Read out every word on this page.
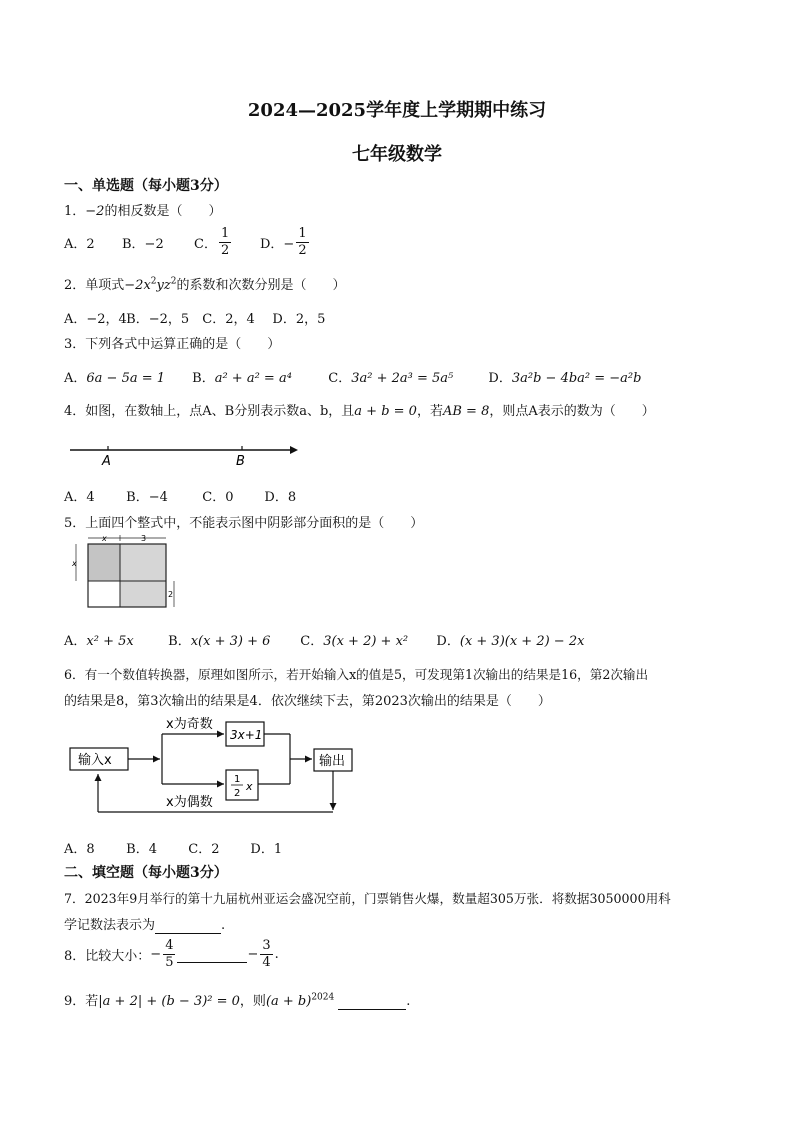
2024—2025学年度上学期期中练习
七年级数学
一、单选题（每小题3分）
1．−2的相反数是（　　）
A．2	B．−2	C． $\frac{1}{2}$ D．− $\frac{1}{2}$
2．单项式$-2x^2yz^2$的系数和次数分别是（　　）
A．−2，4 B．−2，5 C．2，4 D．2，5
3．下列各式中运算正确的是（　　）
A．6a − 5a = 1 B．a² + a² = a⁴	C．3a² + 2a³ = 5a⁵	D．3a²b − 4ba² = −a²b
4．如图，在数轴上，点A、B分别表示数a、b，且a + b = 0，若AB = 8，则点A表示的数为（　　）
A	B
A．4 B．−4	C．0 D．8
5．上面四个整式中，不能表示图中阴影部分面积的是（　　）
x	3
x
2
A．x² + 5x	B．x(x + 3) + 6 C．3(x + 2) + x² D．(x + 3)(x + 2) − 2x
6．有一个数值转换器，原理如图所示，若开始输入x的值是5，可发现第1次输出的结果是16，第2次输出
的结果是8，第3次输出的结果是4．依次继续下去，第2023次输出的结果是（　　）
输入x
x为奇数
x为偶数
3x+1
1
2
x
输出
A．8 B．4 C．2 D．1
二、填空题（每小题3分）
7．2023年9月举行的第十九届杭州亚运会盛况空前，门票销售火爆，数量超305万张．将数据3050000用科
学记数法表示为	.
8．比较大小： − $\frac{4}{5}$
	− $\frac{3}{4}$ .
9．若|a + 2| + (b − 3)² = 0，则$(a + b)^{2024}$	.
